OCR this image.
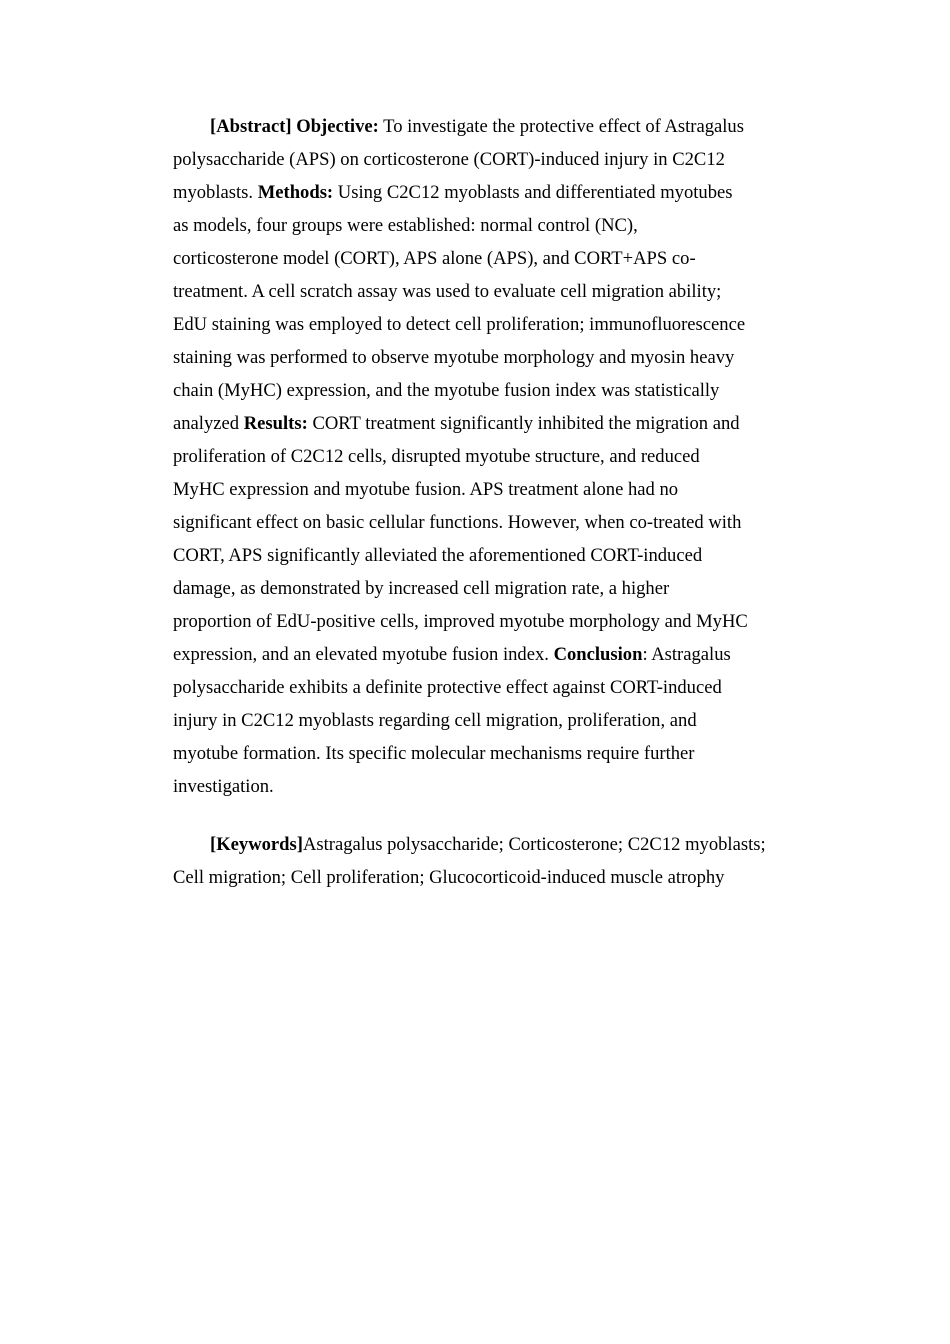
[Abstract] Objective: To investigate the protective effect of Astragalus
polysaccharide (APS) on corticosterone (CORT)-induced injury in C2C12
myoblasts. Methods: Using C2C12 myoblasts and differentiated myotubes
as models, four groups were established: normal control (NC),
corticosterone model (CORT), APS alone (APS), and CORT+APS co-
treatment. A cell scratch assay was used to evaluate cell migration ability;
EdU staining was employed to detect cell proliferation; immunofluorescence
staining was performed to observe myotube morphology and myosin heavy
chain (MyHC) expression, and the myotube fusion index was statistically
analyzed Results: CORT treatment significantly inhibited the migration and
proliferation of C2C12 cells, disrupted myotube structure, and reduced
MyHC expression and myotube fusion. APS treatment alone had no
significant effect on basic cellular functions. However, when co-treated with
CORT, APS significantly alleviated the aforementioned CORT-induced
damage, as demonstrated by increased cell migration rate, a higher
proportion of EdU-positive cells, improved myotube morphology and MyHC
expression, and an elevated myotube fusion index. Conclusion: Astragalus
polysaccharide exhibits a definite protective effect against CORT-induced
injury in C2C12 myoblasts regarding cell migration, proliferation, and
myotube formation. Its specific molecular mechanisms require further
investigation.
[Keywords]Astragalus polysaccharide; Corticosterone; C2C12 myoblasts;
Cell migration; Cell proliferation; Glucocorticoid-induced muscle atrophy
